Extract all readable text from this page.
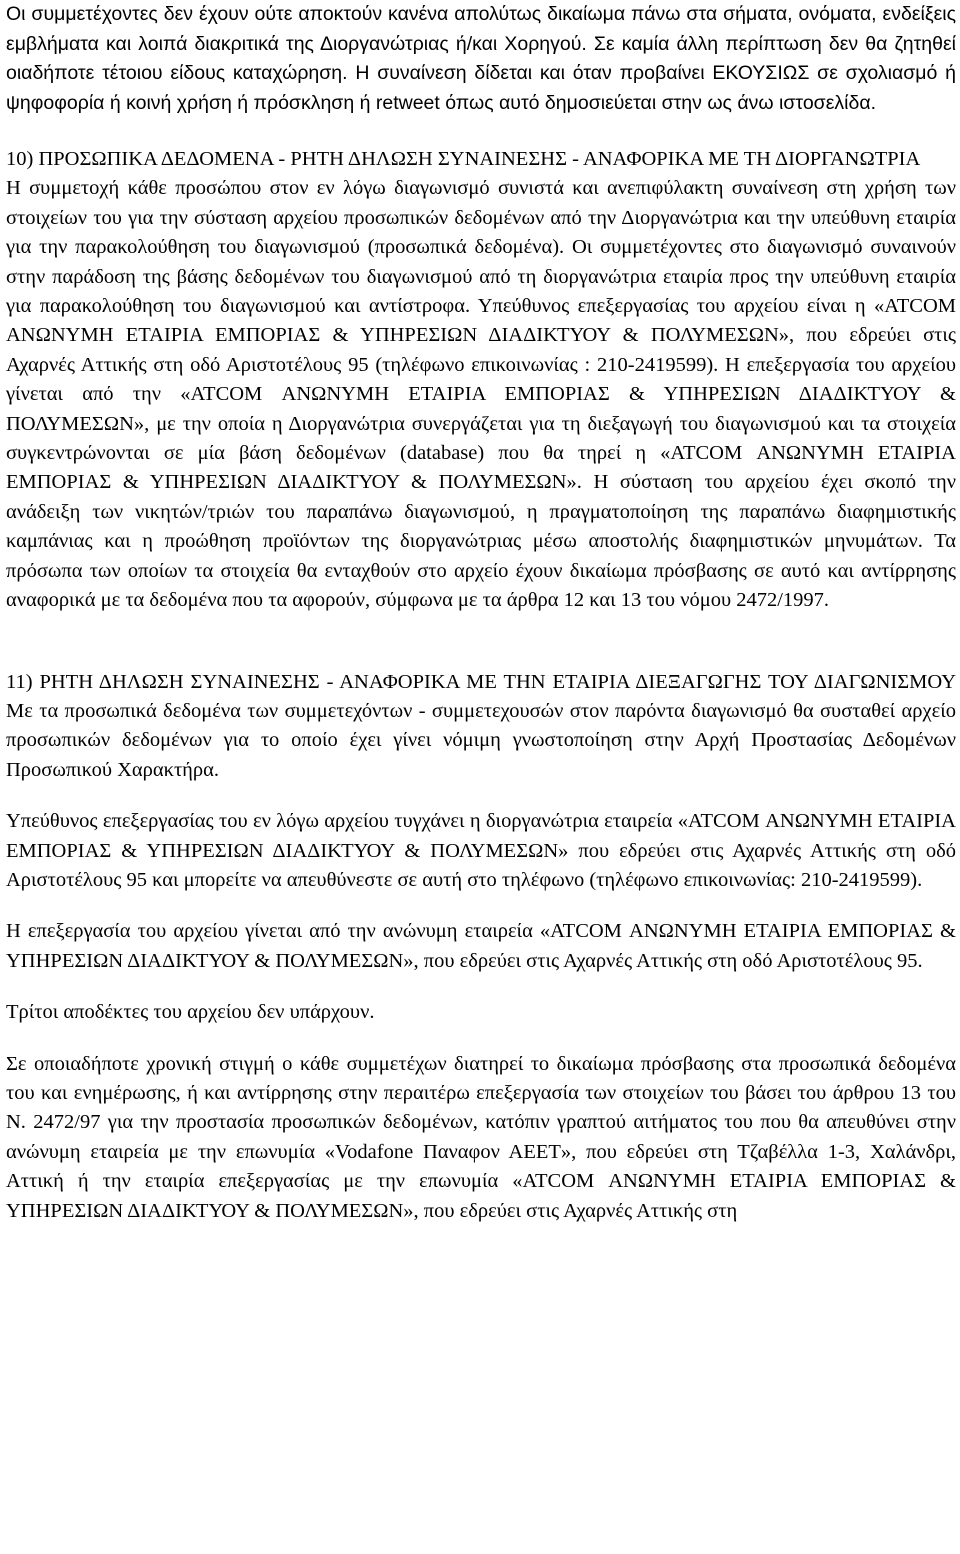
Οι συμμετέχοντες δεν έχουν ούτε αποκτούν κανένα απολύτως δικαίωμα πάνω στα σήματα, ονόματα, ενδείξεις εμβλήματα και λοιπά διακριτικά της Διοργανώτριας ή/και Χορηγού. Σε καμία άλλη περίπτωση δεν θα ζητηθεί οιαδήποτε τέτοιου είδους καταχώρηση. Η συναίνεση δίδεται και όταν προβαίνει ΕΚΟΥΣΙΩΣ σε σχολιασμό ή ψηφοφορία ή κοινή χρήση ή πρόσκληση ή retweet όπως αυτό δημοσιεύεται στην ως άνω ιστοσελίδα.

10) ΠΡΟΣΩΠΙΚΑ ΔΕΔΟΜΕΝΑ - ΡΗΤΗ ΔΗΛΩΣΗ ΣΥΝΑΙΝΕΣΗΣ - ΑΝΑΦΟΡΙΚΑ ΜΕ ΤΗ ΔΙΟΡΓΑΝΩΤΡΙΑ

Η συμμετοχή κάθε προσώπου στον εν λόγω διαγωνισμό συνιστά και ανεπιφύλακτη συναίνεση στη χρήση των στοιχείων του για την σύσταση αρχείου προσωπικών δεδομένων από την Διοργανώτρια και την υπεύθυνη εταιρία για την παρακολούθηση του διαγωνισμού (προσωπικά δεδομένα). Οι συμμετέχοντες στο διαγωνισμό συναινούν στην παράδοση της βάσης δεδομένων του διαγωνισμού από τη διοργανώτρια εταιρία προς την υπεύθυνη εταιρία για παρακολούθηση του διαγωνισμού και αντίστροφα. Υπεύθυνος επεξεργασίας του αρχείου είναι η «ATCOM ΑΝΩΝΥΜΗ ΕΤΑΙΡΙΑ ΕΜΠΟΡΙΑΣ & ΥΠΗΡΕΣΙΩΝ ΔΙΑΔΙΚΤΥΟΥ & ΠΟΛΥΜΕΣΩΝ», που εδρεύει στις Αχαρνές Αττικής στη οδό Αριστοτέλους 95 (τηλέφωνο επικοινωνίας : 210-2419599). Η επεξεργασία του αρχείου γίνεται από την «ATCOM ΑΝΩΝΥΜΗ ΕΤΑΙΡΙΑ ΕΜΠΟΡΙΑΣ & ΥΠΗΡΕΣΙΩΝ ΔΙΑΔΙΚΤΥΟΥ & ΠΟΛΥΜΕΣΩΝ», με την οποία η Διοργανώτρια συνεργάζεται για τη διεξαγωγή του διαγωνισμού και τα στοιχεία συγκεντρώνονται σε μία βάση δεδομένων (database) που θα τηρεί η «ATCOM ΑΝΩΝΥΜΗ ΕΤΑΙΡΙΑ ΕΜΠΟΡΙΑΣ & ΥΠΗΡΕΣΙΩΝ ΔΙΑΔΙΚΤΥΟΥ & ΠΟΛΥΜΕΣΩΝ». Η σύσταση του αρχείου έχει σκοπό την ανάδειξη των νικητών/τριών του παραπάνω διαγωνισμού, η πραγματοποίηση της παραπάνω διαφημιστικής καμπάνιας και η προώθηση προϊόντων της διοργανώτριας μέσω αποστολής διαφημιστικών μηνυμάτων. Τα πρόσωπα των οποίων τα στοιχεία θα ενταχθούν στο αρχείο έχουν δικαίωμα πρόσβασης σε αυτό και αντίρρησης αναφορικά με τα δεδομένα που τα αφορούν, σύμφωνα με τα άρθρα 12 και 13 του νόμου 2472/1997.

11) ΡΗΤΗ ΔΗΛΩΣΗ ΣΥΝΑΙΝΕΣΗΣ - ΑΝΑΦΟΡΙΚΑ ΜΕ ΤΗΝ ΕΤΑΙΡΙΑ ΔΙΕΞΑΓΩΓΗΣ ΤΟΥ ΔΙΑΓΩΝΙΣΜΟΥ

Με τα προσωπικά δεδομένα των συμμετεχόντων - συμμετεχουσών στον παρόντα διαγωνισμό θα συσταθεί αρχείο προσωπικών δεδομένων για το οποίο έχει γίνει νόμιμη γνωστοποίηση στην Αρχή Προστασίας Δεδομένων Προσωπικού Χαρακτήρα.

Υπεύθυνος επεξεργασίας του εν λόγω αρχείου τυγχάνει η διοργανώτρια εταιρεία «ATCOM ΑΝΩΝΥΜΗ ΕΤΑΙΡΙΑ ΕΜΠΟΡΙΑΣ & ΥΠΗΡΕΣΙΩΝ ΔΙΑΔΙΚΤΥΟΥ & ΠΟΛΥΜΕΣΩΝ» που εδρεύει στις Αχαρνές Αττικής στη οδό Αριστοτέλους 95 και μπορείτε να απευθύνεστε σε αυτή στο τηλέφωνο (τηλέφωνο επικοινωνίας: 210-2419599).

Η επεξεργασία του αρχείου γίνεται από την ανώνυμη εταιρεία «ATCOM ΑΝΩΝΥΜΗ ΕΤΑΙΡΙΑ ΕΜΠΟΡΙΑΣ & ΥΠΗΡΕΣΙΩΝ ΔΙΑΔΙΚΤΥΟΥ & ΠΟΛΥΜΕΣΩΝ», που εδρεύει στις Αχαρνές Αττικής στη οδό Αριστοτέλους 95.

Τρίτοι αποδέκτες του αρχείου δεν υπάρχουν.

Σε οποιαδήποτε χρονική στιγμή ο κάθε συμμετέχων διατηρεί το δικαίωμα πρόσβασης στα προσωπικά δεδομένα του και ενημέρωσης, ή και αντίρρησης στην περαιτέρω επεξεργασία των στοιχείων του βάσει του άρθρου 13 του Ν. 2472/97 για την προστασία προσωπικών δεδομένων, κατόπιν γραπτού αιτήματος του που θα απευθύνει στην ανώνυμη εταιρεία με την επωνυμία «Vodafone Παναφον ΑΕΕΤ», που εδρεύει στη Τζαβέλλα 1-3, Χαλάνδρι, Αττική ή την εταιρία επεξεργασίας με την επωνυμία «ATCOM ΑΝΩΝΥΜΗ ΕΤΑΙΡΙΑ ΕΜΠΟΡΙΑΣ & ΥΠΗΡΕΣΙΩΝ ΔΙΑΔΙΚΤΥΟΥ & ΠΟΛΥΜΕΣΩΝ», που εδρεύει στις Αχαρνές Αττικής στη
